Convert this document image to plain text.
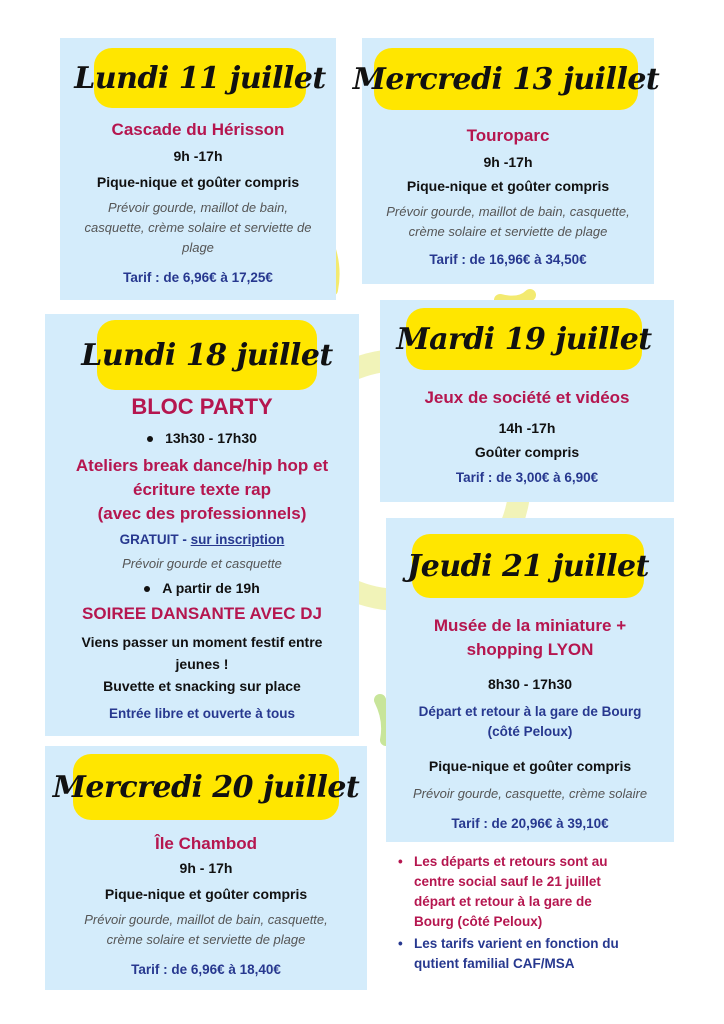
Lundi 11 juillet
Cascade du Hérisson
9h -17h
Pique-nique et goûter compris
Prévoir gourde, maillot de bain,
casquette, crème solaire et serviette de
plage
Tarif : de 6,96€ à 17,25€
Mercredi 13 juillet
Touroparc
9h -17h
Pique-nique et goûter compris
Prévoir gourde, maillot de bain, casquette,
crème solaire et serviette de plage
Tarif : de 16,96€ à 34,50€
Lundi 18 juillet
BLOC PARTY
13h30 - 17h30
Ateliers break dance/hip hop et
écriture texte rap
(avec des professionnels)
GRATUIT - sur inscription
Prévoir gourde et casquette
A partir de 19h
SOIREE DANSANTE AVEC DJ
Viens passer un moment festif entre
jeunes !
Buvette et snacking sur place
Entrée libre et ouverte à tous
Mardi 19 juillet
Jeux de société et vidéos
14h -17h
Goûter compris
Tarif : de 3,00€ à 6,90€
Jeudi 21 juillet
Musée de la miniature +
shopping LYON
8h30 - 17h30
Départ et retour à la gare de Bourg
(côté Peloux)
Pique-nique et goûter compris
Prévoir gourde, casquette, crème solaire
Tarif : de 20,96€ à 39,10€
Mercredi 20 juillet
Île Chambod
9h - 17h
Pique-nique et goûter compris
Prévoir gourde, maillot de bain, casquette,
crème solaire et serviette de plage
Tarif : de 6,96€ à 18,40€
• Les départs et retours sont au
centre social sauf le 21 juillet
départ et retour à la gare de
Bourg (côté Peloux)
• Les tarifs varient en fonction du
qutient familial CAF/MSA
